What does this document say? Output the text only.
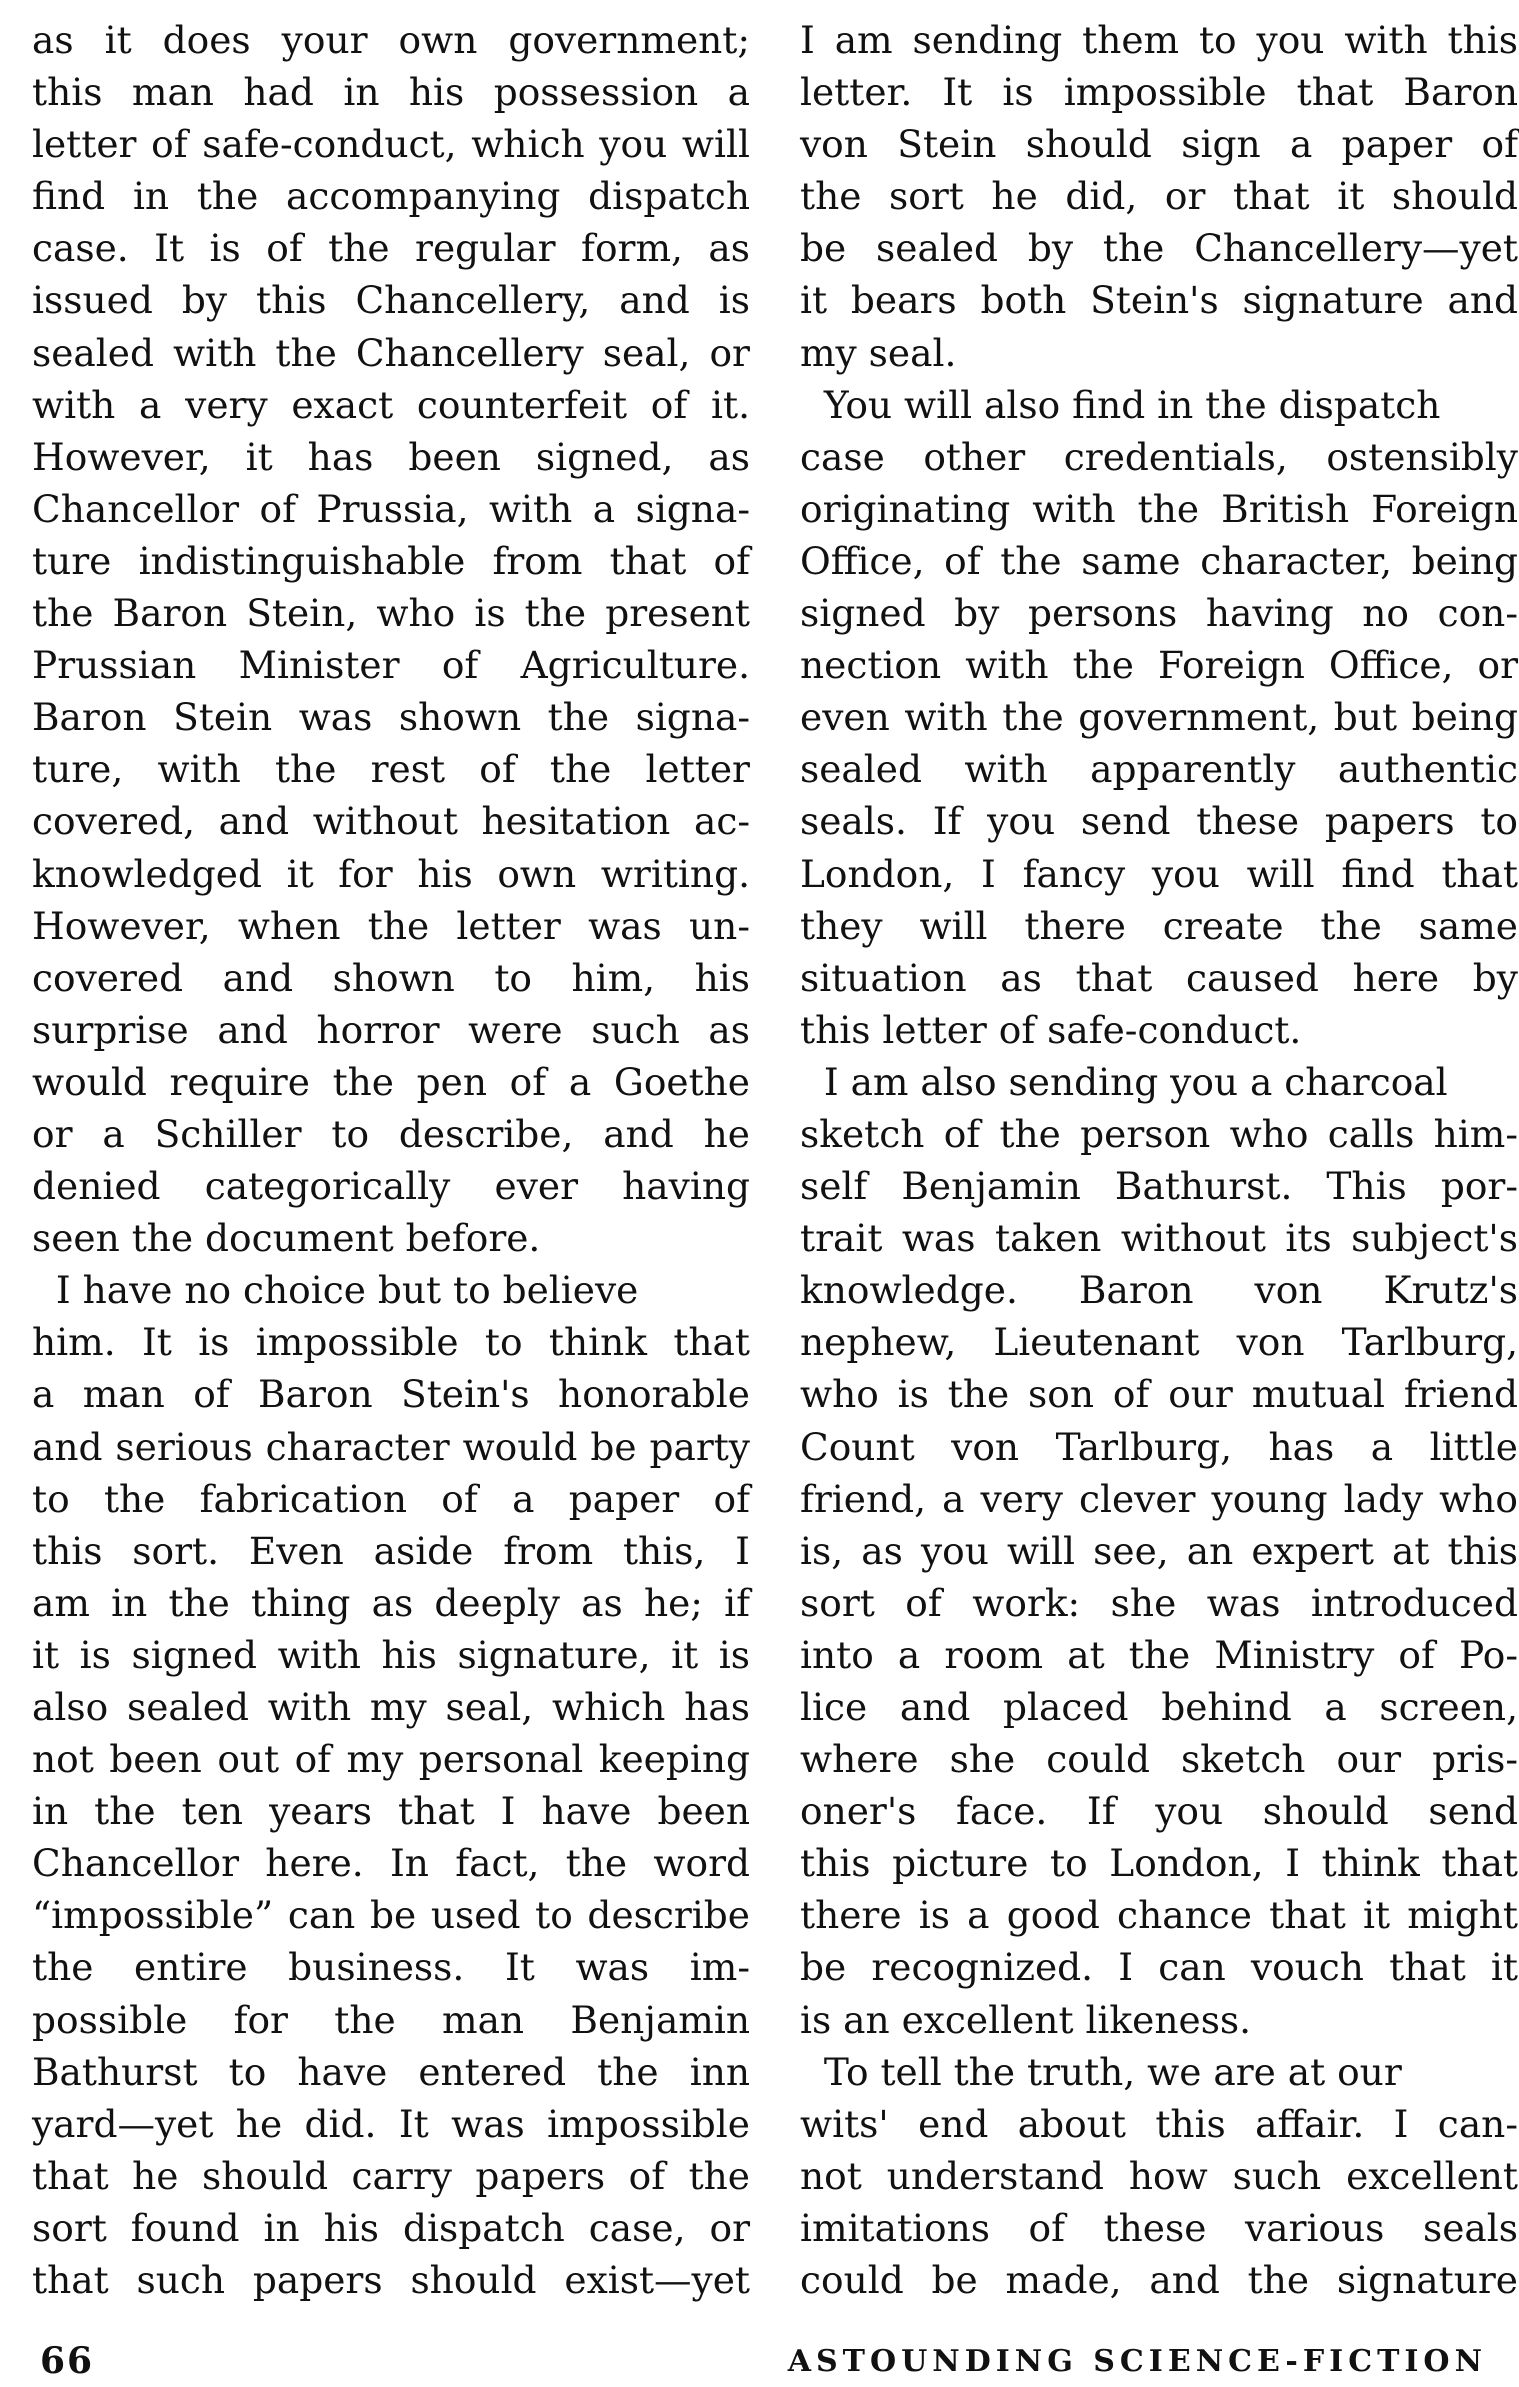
as it does your own government;
this man had in his possession a
letter of safe-conduct, which you will
find in the accompanying dispatch
case. It is of the regular form, as
issued by this Chancellery, and is
sealed with the Chancellery seal, or
with a very exact counterfeit of it.
However, it has been signed, as
Chancellor of Prussia, with a signa-
ture indistinguishable from that of
the Baron Stein, who is the present
Prussian Minister of Agriculture.
Baron Stein was shown the signa-
ture, with the rest of the letter
covered, and without hesitation ac-
knowledged it for his own writing.
However, when the letter was un-
covered and shown to him, his
surprise and horror were such as
would require the pen of a Goethe
or a Schiller to describe, and he
denied categorically ever having
seen the document before.
I have no choice but to believe
him. It is impossible to think that
a man of Baron Stein's honorable
and serious character would be party
to the fabrication of a paper of
this sort. Even aside from this, I
am in the thing as deeply as he; if
it is signed with his signature, it is
also sealed with my seal, which has
not been out of my personal keeping
in the ten years that I have been
Chancellor here. In fact, the word
“impossible” can be used to describe
the entire business. It was im-
possible for the man Benjamin
Bathurst to have entered the inn
yard—yet he did. It was impossible
that he should carry papers of the
sort found in his dispatch case, or
that such papers should exist—yet
I am sending them to you with this
letter. It is impossible that Baron
von Stein should sign a paper of
the sort he did, or that it should
be sealed by the Chancellery—yet
it bears both Stein's signature and
my seal.
You will also find in the dispatch
case other credentials, ostensibly
originating with the British Foreign
Office, of the same character, being
signed by persons having no con-
nection with the Foreign Office, or
even with the government, but being
sealed with apparently authentic
seals. If you send these papers to
London, I fancy you will find that
they will there create the same
situation as that caused here by
this letter of safe-conduct.
I am also sending you a charcoal
sketch of the person who calls him-
self Benjamin Bathurst. This por-
trait was taken without its subject's
knowledge. Baron von Krutz's
nephew, Lieutenant von Tarlburg,
who is the son of our mutual friend
Count von Tarlburg, has a little
friend, a very clever young lady who
is, as you will see, an expert at this
sort of work: she was introduced
into a room at the Ministry of Po-
lice and placed behind a screen,
where she could sketch our pris-
oner's face. If you should send
this picture to London, I think that
there is a good chance that it might
be recognized. I can vouch that it
is an excellent likeness.
To tell the truth, we are at our
wits' end about this affair. I can-
not understand how such excellent
imitations of these various seals
could be made, and the signature
66	ASTOUNDING SCIENCE-FICTION
